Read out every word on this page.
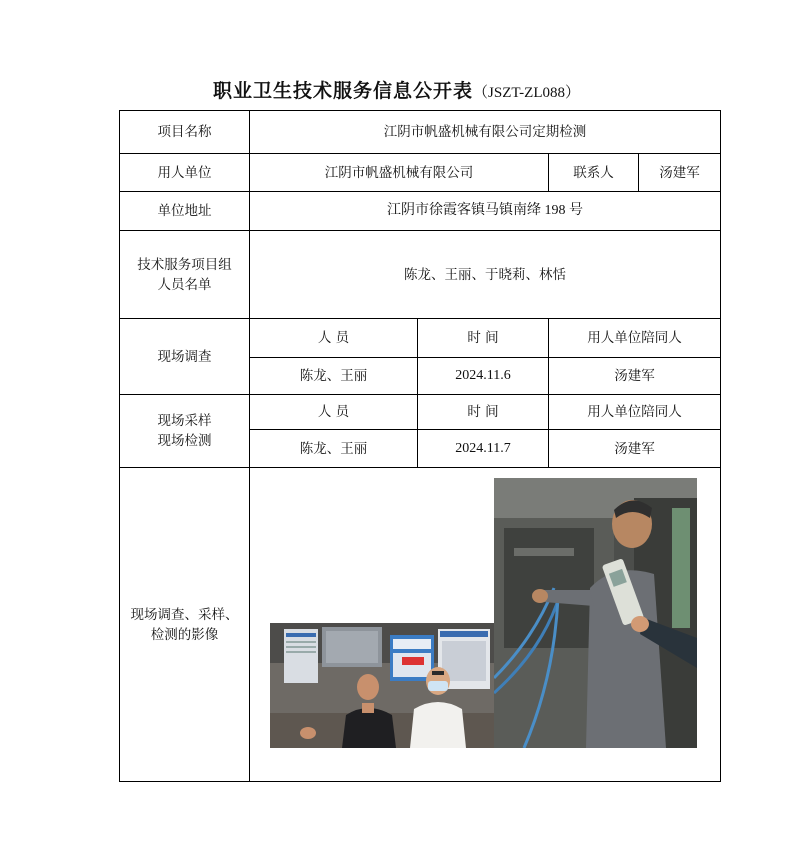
职业卫生技术服务信息公开表（JSZT-ZL088）
项目名称	江阴市帆盛机械有限公司定期检测			
用人单位	江阴市帆盛机械有限公司		联系人	汤建军
单位地址	江阴市徐霞客镇马镇南绛 198 号			

技术服务项目组
人员名单	陈龙、王丽、于晓莉、林恬			
现场调查	人 员	时 间	用人单位陪同人	
	陈龙、王丽	2024.11.6	汤建军	

现场采样
现场检测	人 员	时 间	用人单位陪同人	
	陈龙、王丽	2024.11.7	汤建军	

现场调查、采样、
检测的影像
